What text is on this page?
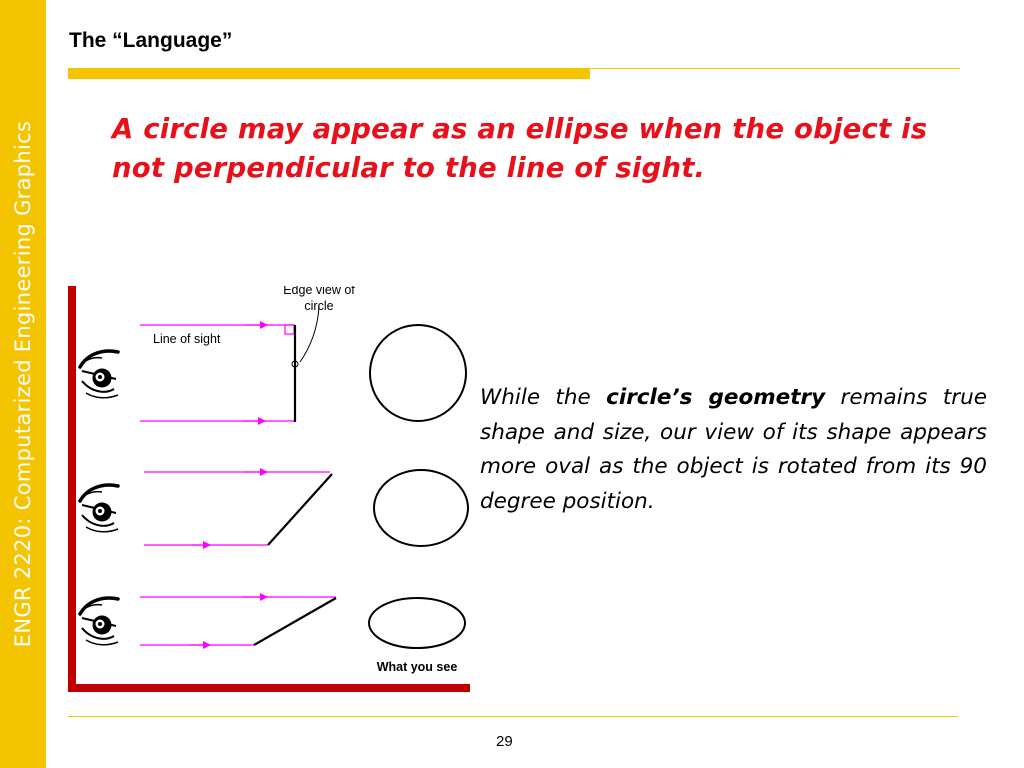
ENGR 2220: Computarized Engineering Graphics
The “Language”
A circle may appear as an ellipse when the object is not perpendicular to the line of sight.
Edge view of
circle
Line of sight
What you see
While the circle’s geometry remains true shape and size, our view of its shape appears more oval as the object is rotated from its 90 degree position.
29
